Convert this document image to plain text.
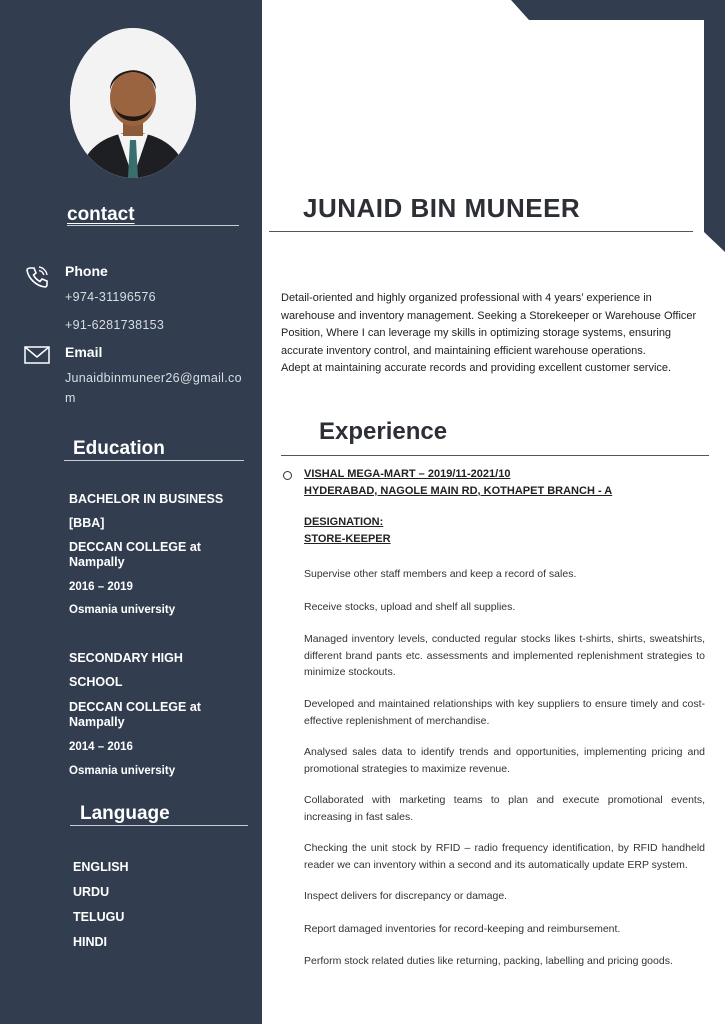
contact
Phone
+974-31196576
+91-6281738153
Email
Junaidbinmuneer26@gmail.com
Education
BACHELOR IN BUSINESS
[BBA]
DECCAN COLLEGE at Nampally
2016 – 2019
Osmania university
SECONDARY HIGH
SCHOOL
DECCAN COLLEGE at Nampally
2014 – 2016
Osmania university
Language
ENGLISH
URDU
TELUGU
HINDI
JUNAID BIN MUNEER
Detail-oriented and highly organized professional with 4 years’ experience in warehouse and inventory management. Seeking a Storekeeper or Warehouse Officer Position, Where I can leverage my skills in optimizing storage systems, ensuring accurate inventory control, and maintaining efficient warehouse operations.
Adept at maintaining accurate records and providing excellent customer service.
Experience
VISHAL MEGA-MART – 2019/11-2021/10
HYDERABAD, NAGOLE MAIN RD, KOTHAPET BRANCH - A
DESIGNATION:
STORE-KEEPER
Supervise other staff members and keep a record of sales.
Receive stocks, upload and shelf all supplies.
Managed inventory levels, conducted regular stocks likes t-shirts, shirts, sweatshirts, different brand pants etc. assessments and implemented replenishment strategies to minimize stockouts.
Developed and maintained relationships with key suppliers to ensure timely and cost-effective replenishment of merchandise.
Analysed sales data to identify trends and opportunities, implementing pricing and promotional strategies to maximize revenue.
Collaborated with marketing teams to plan and execute promotional events, increasing in fast sales.
Checking the unit stock by RFID – radio frequency identification, by RFID handheld reader we can inventory within a second and its automatically update ERP system.
Inspect delivers for discrepancy or damage.
Report damaged inventories for record-keeping and reimbursement.
Perform stock related duties like returning, packing, labelling and pricing goods.
